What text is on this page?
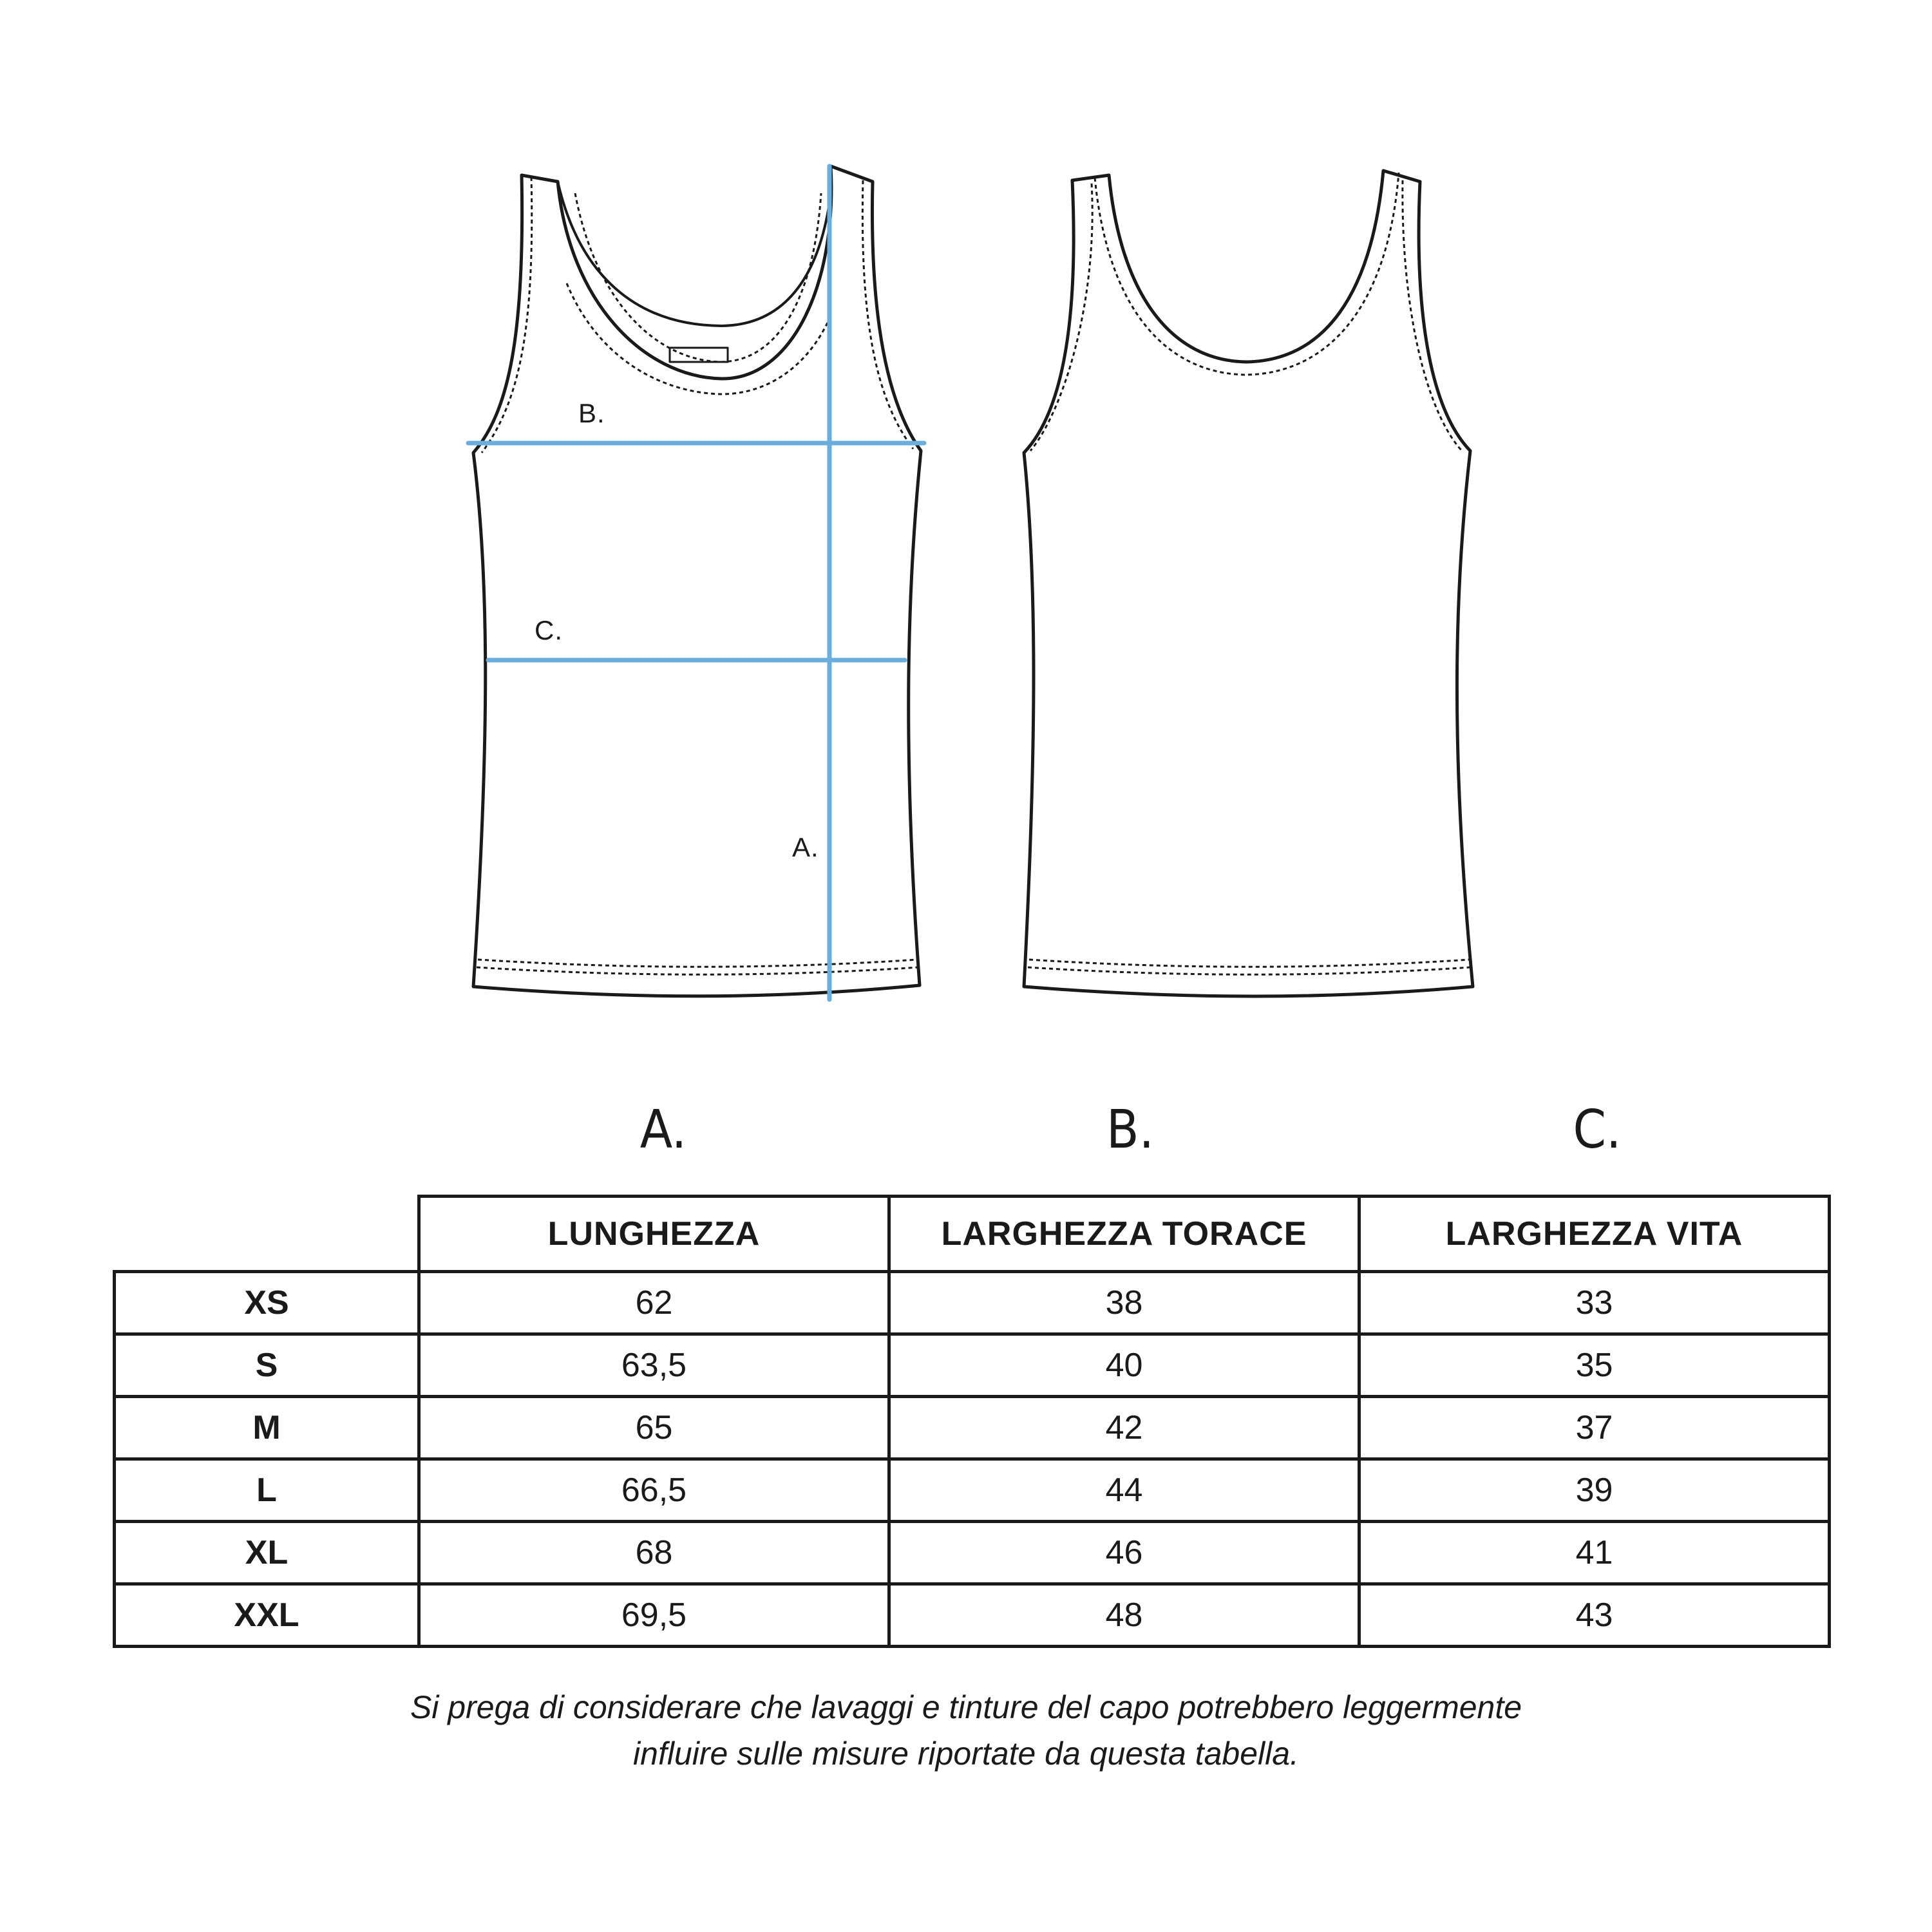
B.
C.
A.
A.	B.	C.
	LUNGHEZZA	LARGHEZZA TORACE	LARGHEZZA VITA
XS	62	38	33
S	63,5	40	35
M	65	42	37
L	66,5	44	39
XL	68	46	41
XXL	69,5	48	43
Si prega di considerare che lavaggi e tinture del capo potrebbero leggermente
influire sulle misure riportate da questa tabella.
